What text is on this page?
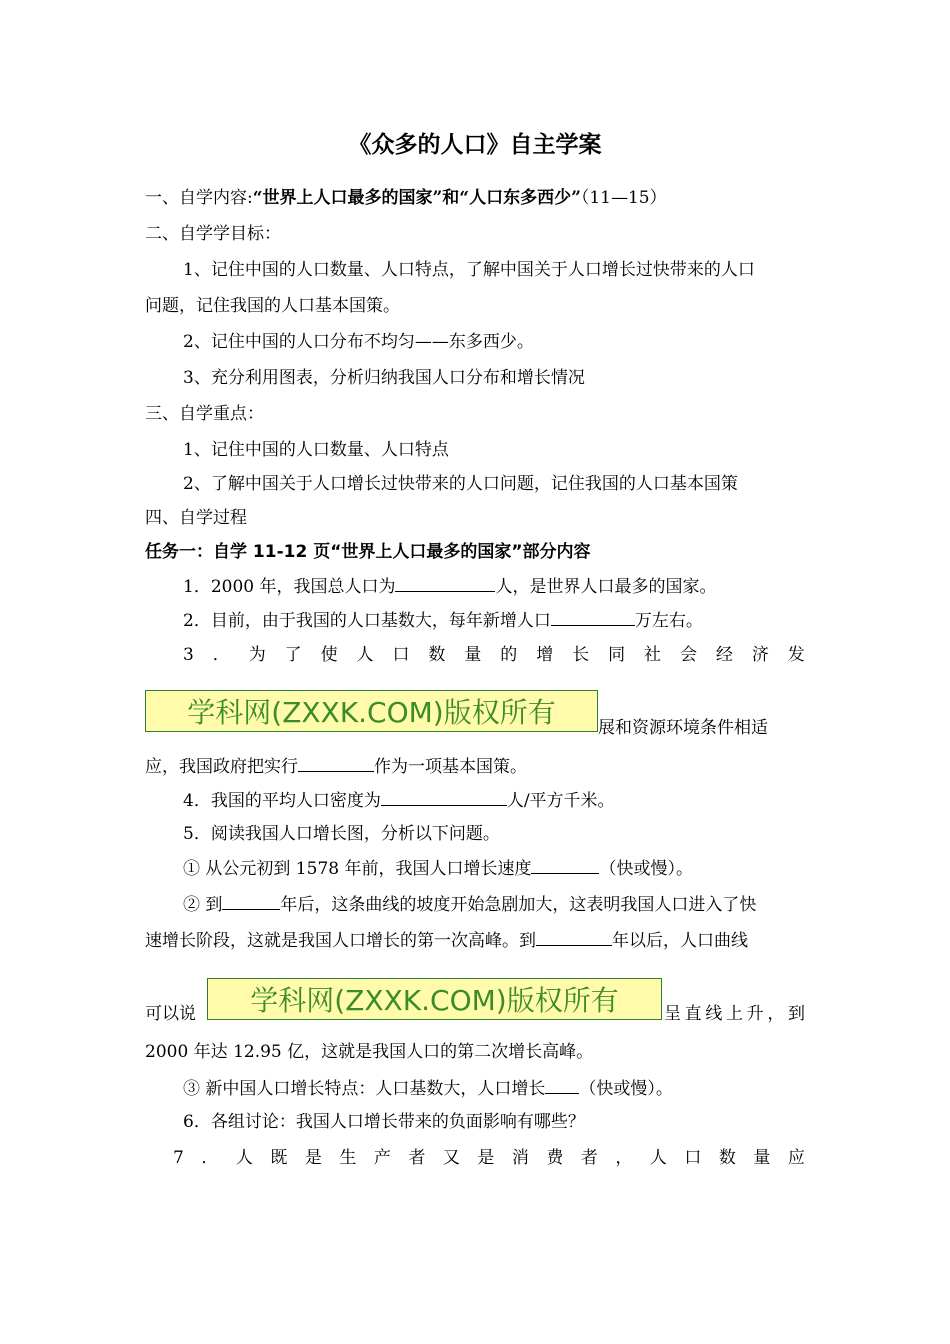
《众多的人口》自主学案
一、自学内容:“世界上人口最多的国家”和“人口东多西少”（11—15）
二、自学学目标：
1、记住中国的人口数量、人口特点，了解中国关于人口增长过快带来的人口
问题，记住我国的人口基本国策。
2、记住中国的人口分布不均匀——东多西少。
3、充分利用图表，分析归纳我国人口分布和增长情况
三、自学重点：
1、记住中国的人口数量、人口特点
2、了解中国关于人口增长过快带来的人口问题，记住我国的人口基本国策
四、自学过程
任务一：自学 11-12 页“世界上人口最多的国家”部分内容
1．2000 年，我国总人口为	人，是世界人口最多的国家。
2．目前，由于我国的人口基数大，每年新增人口	万左右。
3 ． 为 了 使 人 口 数 量 的 增 长 同 社 会 经 济 发
学科网(ZXXK.COM)版权所有	展和资源环境条件相适
应，我国政府把实行	作为一项基本国策。
4．我国的平均人口密度为	人/平方千米。
5．阅读我国人口增长图，分析以下问题。
① 从公元初到 1578 年前，我国人口增长速度	（快或慢）。
② 到	年后，这条曲线的坡度开始急剧加大，这表明我国人口进入了快
速增长阶段，这就是我国人口增长的第一次高峰。到	年以后，人口曲线
可以说	学科网(ZXXK.COM)版权所有	呈直线上升，到
2000 年达 12.95 亿，这就是我国人口的第二次增长高峰。
③ 新中国人口增长特点：人口基数大，人口增长 （快或慢）。
6．各组讨论：我国人口增长带来的负面影响有哪些？
7 ． 人 既 是 生 产 者 又 是 消 费 者 ， 人 口 数 量 应
